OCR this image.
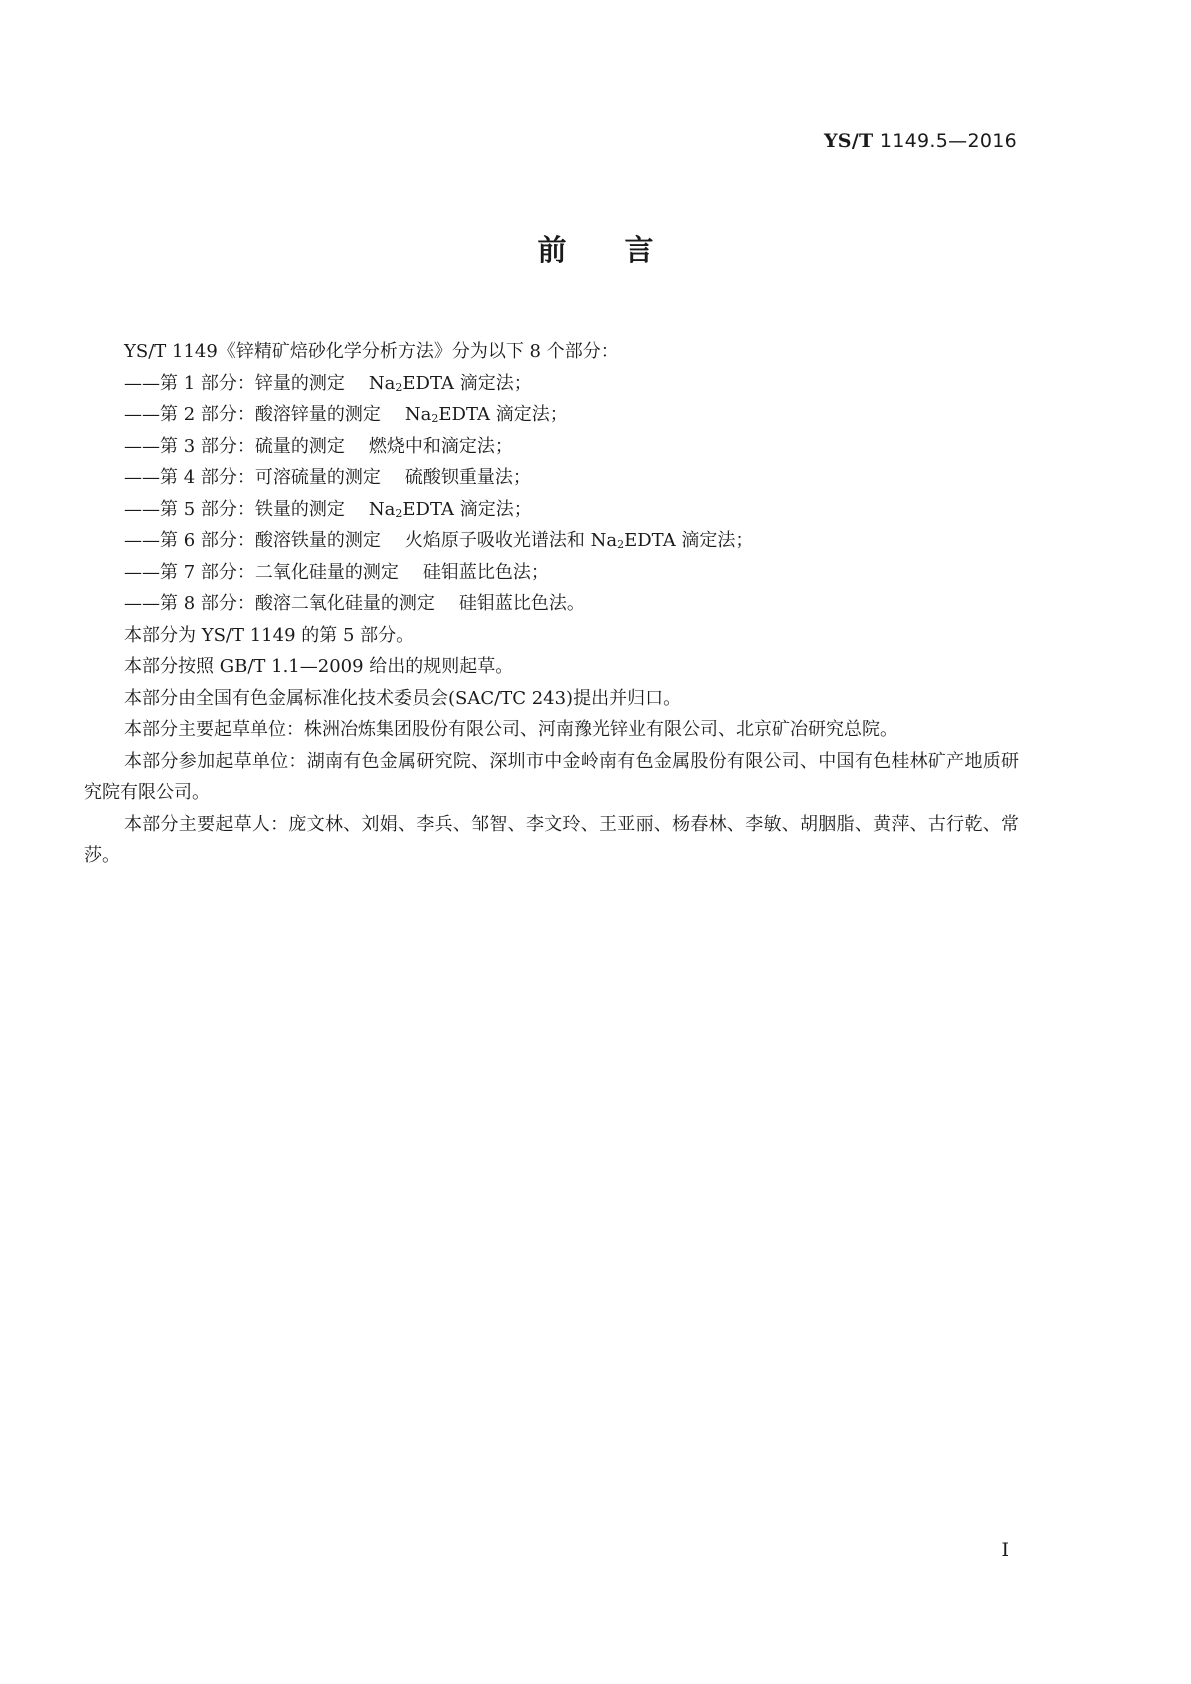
YS/T 1149.5—2016
前 言

YS/T 1149《锌精矿焙砂化学分析方法》分为以下 8 个部分：

——第 1 部分：锌量的测定 $Na_2EDTA$ 滴定法；

——第 2 部分：酸溶锌量的测定 $Na_2EDTA$ 滴定法；

——第 3 部分：硫量的测定 燃烧中和滴定法；

——第 4 部分：可溶硫量的测定 硫酸钡重量法；

——第 5 部分：铁量的测定 $Na_2EDTA$ 滴定法；

——第 6 部分：酸溶铁量的测定 火焰原子吸收光谱法和 $Na_2EDTA$ 滴定法；

——第 7 部分：二氧化硅量的测定 硅钼蓝比色法；

——第 8 部分：酸溶二氧化硅量的测定 硅钼蓝比色法。

本部分为 YS/T 1149 的第 5 部分。

本部分按照 GB/T 1.1—2009 给出的规则起草。

本部分由全国有色金属标准化技术委员会(SAC/TC 243)提出并归口。

本部分主要起草单位：株洲冶炼集团股份有限公司、河南豫光锌业有限公司、北京矿冶研究总院。

本部分参加起草单位：湖南有色金属研究院、深圳市中金岭南有色金属股份有限公司、中国有色桂林矿产地质研究院有限公司。

本部分主要起草人：庞文林、刘娟、李兵、邹智、李文玲、王亚丽、杨春林、李敏、胡胭脂、黄萍、古行乾、常莎。

I
